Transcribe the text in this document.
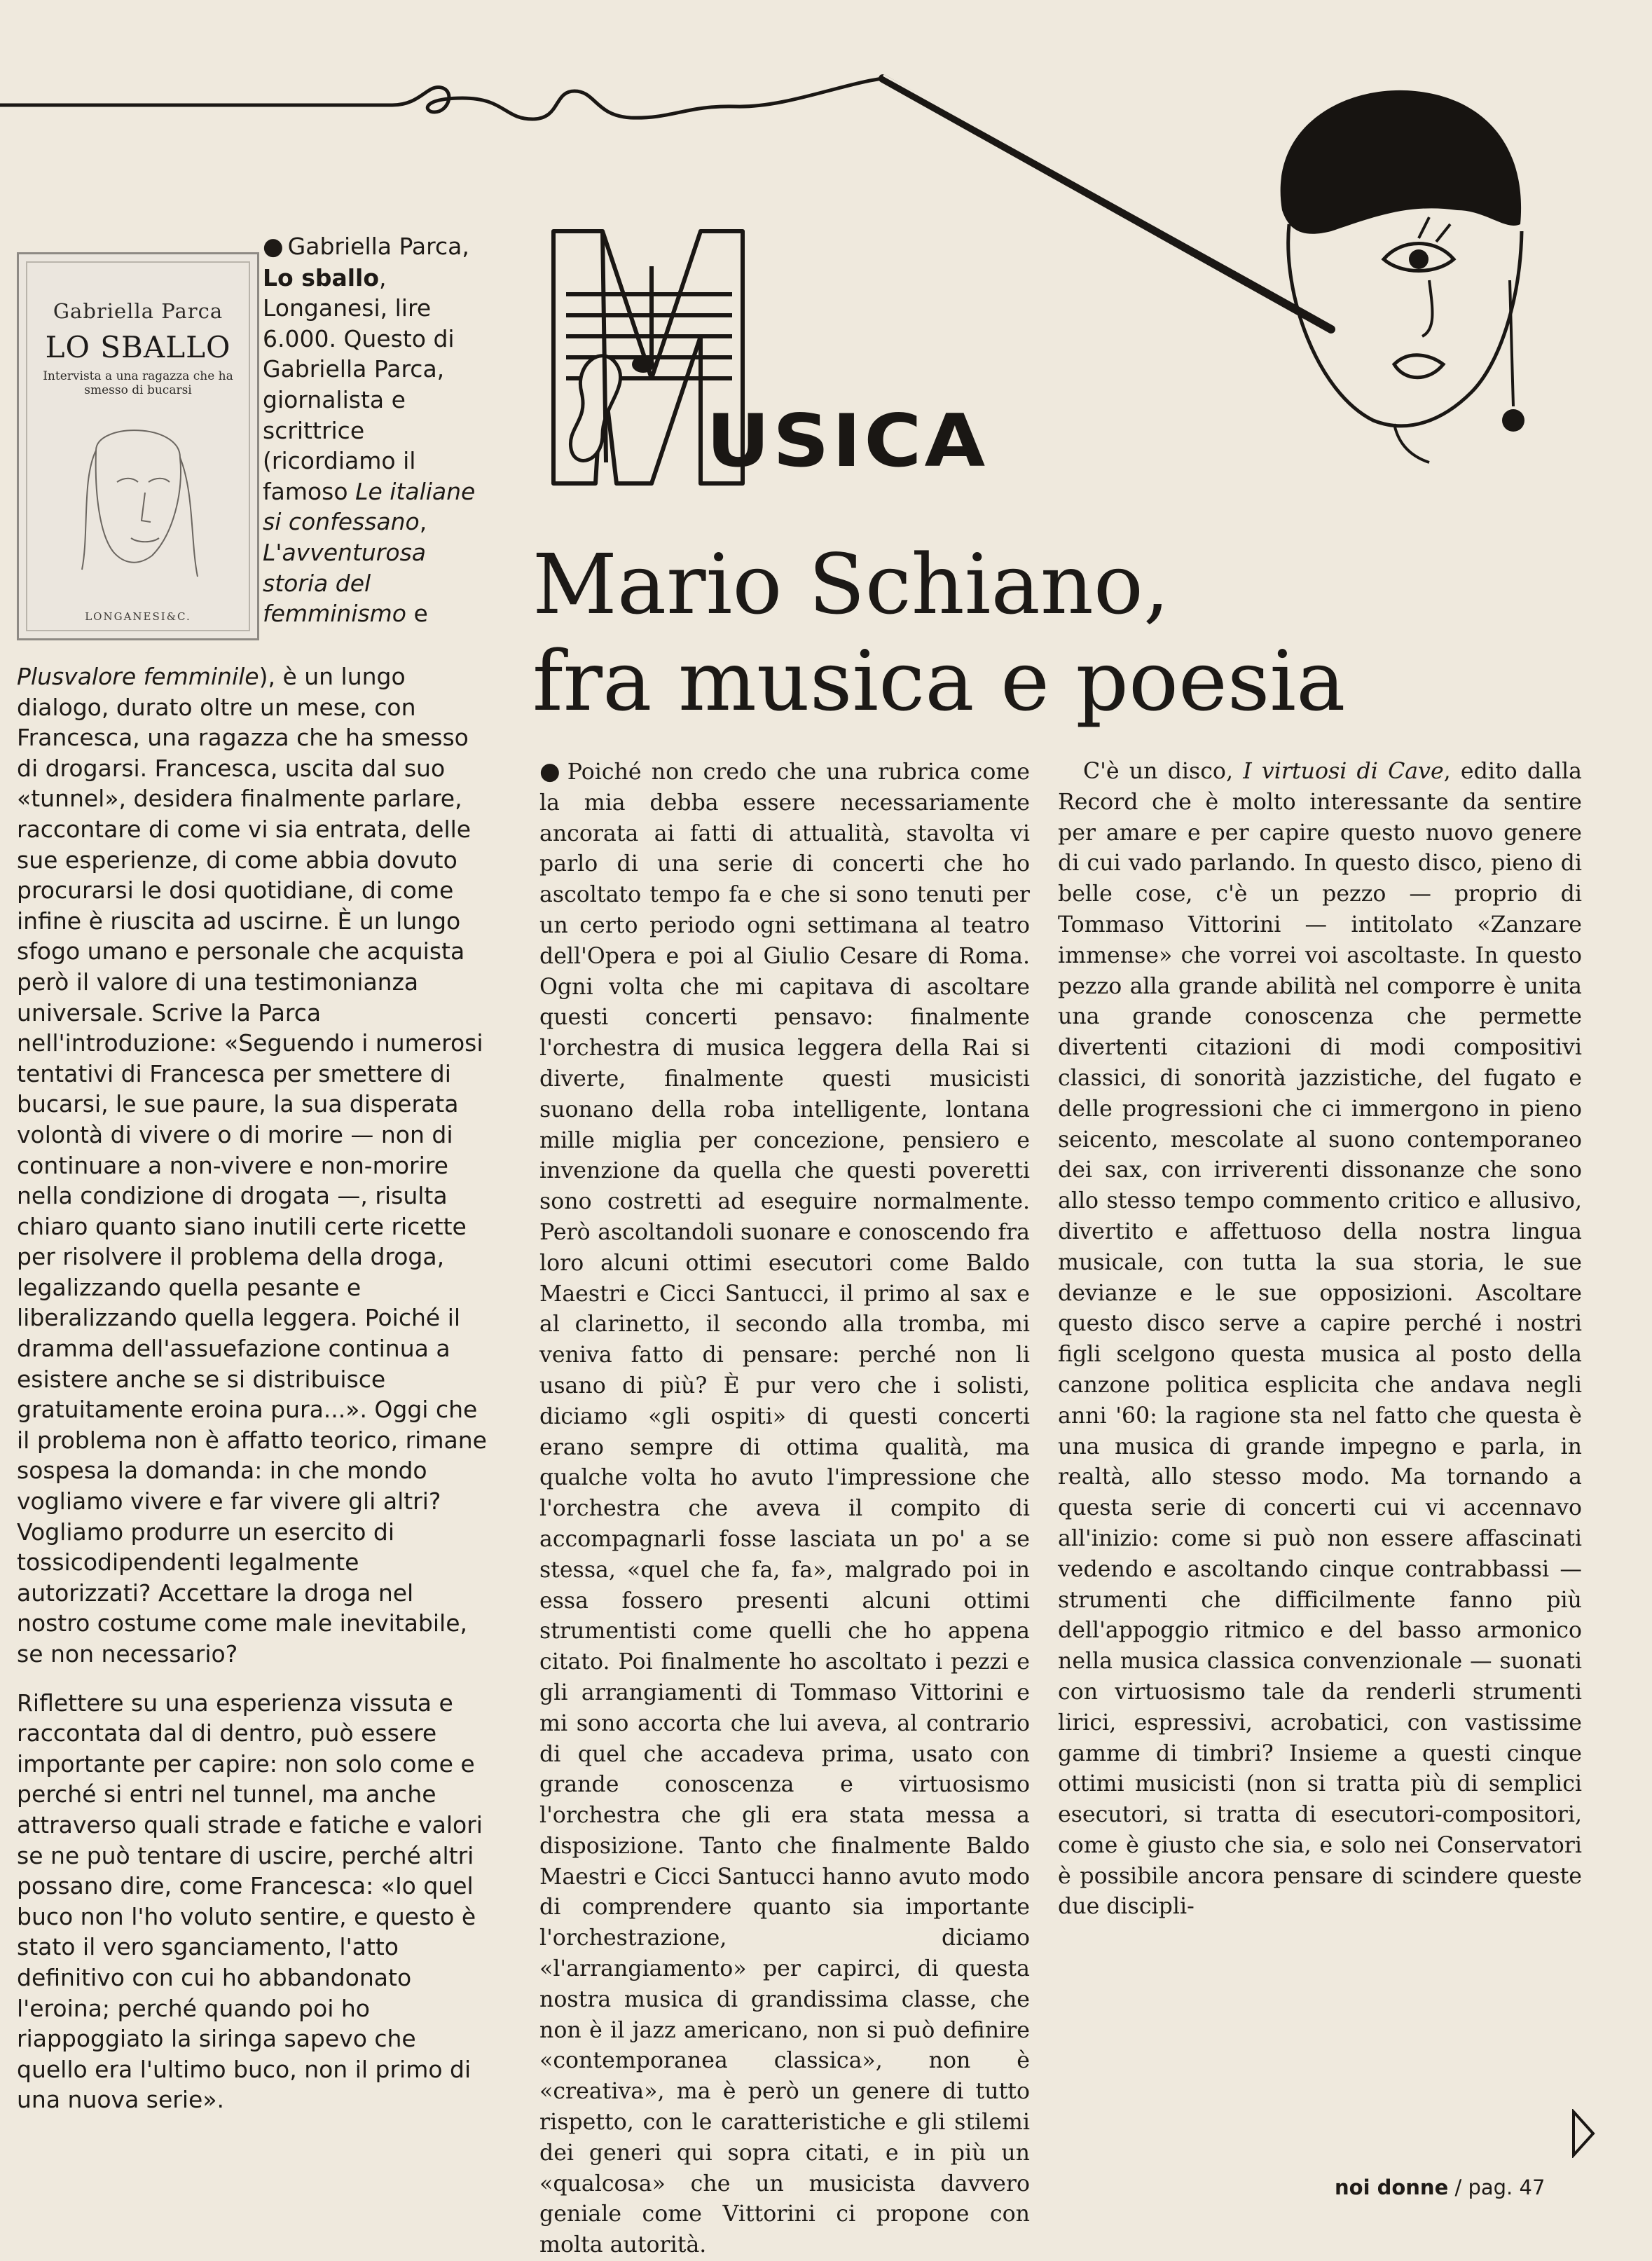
USICA
Gabriella Parca
LO SBALLO
Intervista a una ragazza che ha smesso di bucarsi
LONGANESI&C.
● Gabriella Parca, Lo sballo, Longanesi, lire 6.000. Questo di Gabriella Parca, giornalista e scrittrice (ricordiamo il famoso Le italiane si confessano, L'avventurosa storia del femminismo e

Plusvalore femminile), è un lungo dialogo, durato oltre un mese, con Francesca, una ragazza che ha smesso di drogarsi. Francesca, uscita dal suo «tunnel», desidera finalmente parlare, raccontare di come vi sia entrata, delle sue esperienze, di come abbia dovuto procurarsi le dosi quotidiane, di come infine è riuscita ad uscirne. È un lungo sfogo umano e personale che acquista però il valore di una testimonianza universale. Scrive la Parca nell'introduzione: «Seguendo i numerosi tentativi di Francesca per smettere di bucarsi, le sue paure, la sua disperata volontà di vivere o di morire — non di continuare a non-vivere e non-morire nella condizione di drogata —, risulta chiaro quanto siano inutili certe ricette per risolvere il problema della droga, legalizzando quella pesante e liberalizzando quella leggera. Poiché il dramma dell'assuefazione continua a esistere anche se si distribuisce gratuitamente eroina pura...». Oggi che il problema non è affatto teorico, rimane sospesa la domanda: in che mondo vogliamo vivere e far vivere gli altri? Vogliamo produrre un esercito di tossicodipendenti legalmente autorizzati? Accettare la droga nel nostro costume come male inevitabile, se non necessario?

Riflettere su una esperienza vissuta e raccontata dal di dentro, può essere importante per capire: non solo come e perché si entri nel tunnel, ma anche attraverso quali strade e fatiche e valori se ne può tentare di uscire, perché altri possano dire, come Francesca: «Io quel buco non l'ho voluto sentire, e questo è stato il vero sganciamento, l'atto definitivo con cui ho abbandonato l'eroina; perché quando poi ho riappoggiato la siringa sapevo che quello era l'ultimo buco, non il primo di una nuova serie».

Mario Schiano,
fra musica e poesia

● Poiché non credo che una rubrica come la mia debba essere necessariamente ancorata ai fatti di attualità, stavolta vi parlo di una serie di concerti che ho ascoltato tempo fa e che si sono tenuti per un certo periodo ogni settimana al teatro dell'Opera e poi al Giulio Cesare di Roma. Ogni volta che mi capitava di ascoltare questi concerti pensavo: finalmente l'orchestra di musica leggera della Rai si diverte, finalmente questi musicisti suonano della roba intelligente, lontana mille miglia per concezione, pensiero e invenzione da quella che questi poveretti sono costretti ad eseguire normalmente. Però ascoltandoli suonare e conoscendo fra loro alcuni ottimi esecutori come Baldo Maestri e Cicci Santucci, il primo al sax e al clarinetto, il secondo alla tromba, mi veniva fatto di pensare: perché non li usano di più? È pur vero che i solisti, diciamo «gli ospiti» di questi concerti erano sempre di ottima qualità, ma qualche volta ho avuto l'impressione che l'orchestra che aveva il compito di accompagnarli fosse lasciata un po' a se stessa, «quel che fa, fa», malgrado poi in essa fossero presenti alcuni ottimi strumentisti come quelli che ho appena citato. Poi finalmente ho ascoltato i pezzi e gli arrangiamenti di Tommaso Vittorini e mi sono accorta che lui aveva, al contrario di quel che accadeva prima, usato con grande conoscenza e virtuosismo l'orchestra che gli era stata messa a disposizione. Tanto che finalmente Baldo Maestri e Cicci Santucci hanno avuto modo di comprendere quanto sia importante l'orchestrazione, diciamo «l'arrangiamento» per capirci, di questa nostra musica di grandissima classe, che non è il jazz americano, non si può definire «contemporanea classica», non è «creativa», ma è però un genere di tutto rispetto, con le caratteristiche e gli stilemi dei generi qui sopra citati, e in più un «qualcosa» che un musicista davvero geniale come Vittorini ci propone con molta autorità.

C'è un disco, I virtuosi di Cave, edito dalla Record che è molto interessante da sentire per amare e per capire questo nuovo genere di cui vado parlando. In questo disco, pieno di belle cose, c'è un pezzo — proprio di Tommaso Vittorini — intitolato «Zanzare immense» che vorrei voi ascoltaste. In questo pezzo alla grande abilità nel comporre è unita una grande conoscenza che permette divertenti citazioni di modi compositivi classici, di sonorità jazzistiche, del fugato e delle progressioni che ci immergono in pieno seicento, mescolate al suono contemporaneo dei sax, con irriverenti dissonanze che sono allo stesso tempo commento critico e allusivo, divertito e affettuoso della nostra lingua musicale, con tutta la sua storia, le sue devianze e le sue opposizioni. Ascoltare questo disco serve a capire perché i nostri figli scelgono questa musica al posto della canzone politica esplicita che andava negli anni '60: la ragione sta nel fatto che questa è una musica di grande impegno e parla, in realtà, allo stesso modo. Ma tornando a questa serie di concerti cui vi accennavo all'inizio: come si può non essere affascinati vedendo e ascoltando cinque contrabbassi — strumenti che difficilmente fanno più dell'appoggio ritmico e del basso armonico nella musica classica convenzionale — suonati con virtuosismo tale da renderli strumenti lirici, espressivi, acrobatici, con vastissime gamme di timbri? Insieme a questi cinque ottimi musicisti (non si tratta più di semplici esecutori, si tratta di esecutori-compositori, come è giusto che sia, e solo nei Conservatori è possibile ancora pensare di scindere queste due discipli-

noi donne / pag. 47
